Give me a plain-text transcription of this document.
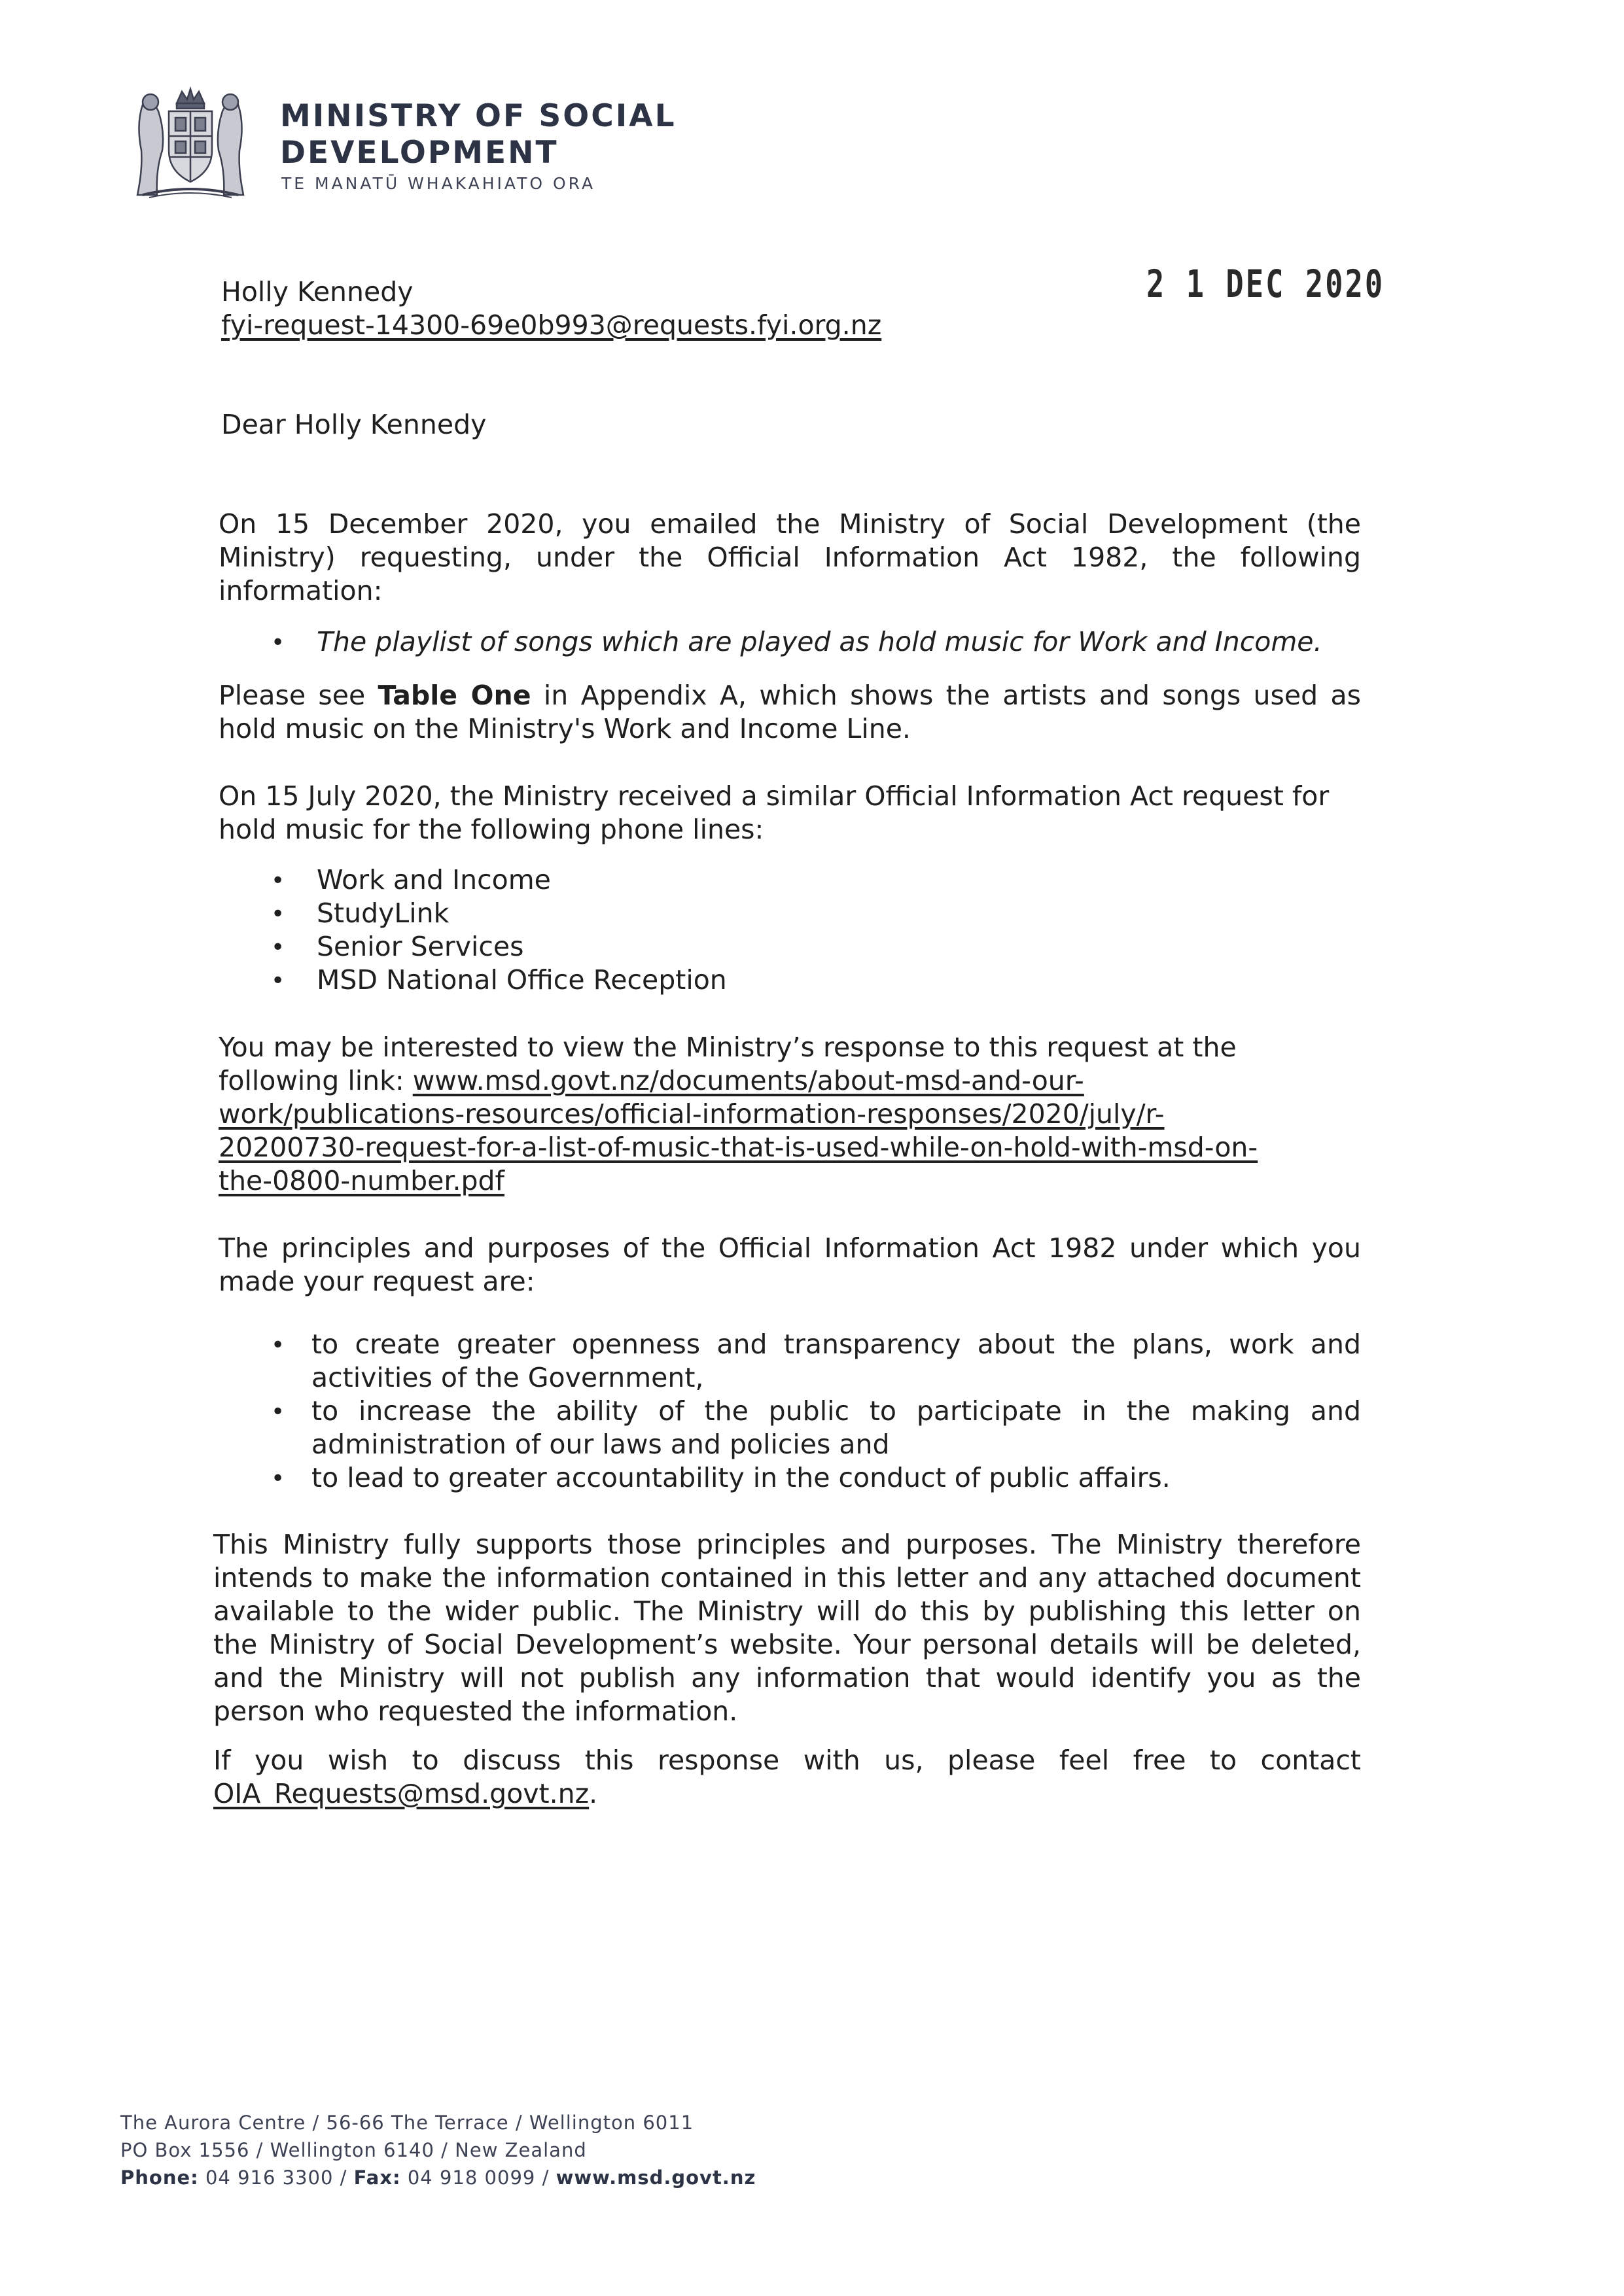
MINISTRY OF SOCIAL
DEVELOPMENT
TE MANATŪ WHAKAHIATO ORA
2 1 DEC 2020
Holly Kennedy
fyi-request-14300-69e0b993@requests.fyi.org.nz
Dear Holly Kennedy
On 15 December 2020, you emailed the Ministry of Social Development (the
Ministry) requesting, under the Official Information Act 1982, the following
information:
• The playlist of songs which are played as hold music for Work and Income.
Please see Table One in Appendix A, which shows the artists and songs used as
hold music on the Ministry's Work and Income Line.
On 15 July 2020, the Ministry received a similar Official Information Act request for
hold music for the following phone lines:
• Work and Income
• StudyLink
• Senior Services
• MSD National Office Reception
You may be interested to view the Ministry’s response to this request at the
following link: www.msd.govt.nz/documents/about-msd-and-our-
work/publications-resources/official-information-responses/2020/july/r-
20200730-request-for-a-list-of-music-that-is-used-while-on-hold-with-msd-on-
the-0800-number.pdf
The principles and purposes of the Official Information Act 1982 under which you
made your request are:
• to create greater openness and transparency about the plans, work and
activities of the Government,
• to increase the ability of the public to participate in the making and
administration of our laws and policies and
• to lead to greater accountability in the conduct of public affairs.
This Ministry fully supports those principles and purposes. The Ministry therefore
intends to make the information contained in this letter and any attached document
available to the wider public. The Ministry will do this by publishing this letter on
the Ministry of Social Development’s website. Your personal details will be deleted,
and the Ministry will not publish any information that would identify you as the
person who requested the information.
If you wish to discuss this response with us, please feel free to contact
OIA_Requests@msd.govt.nz.
The Aurora Centre / 56-66 The Terrace / Wellington 6011
PO Box 1556 / Wellington 6140 / New Zealand
Phone: 04 916 3300 / Fax: 04 918 0099 / www.msd.govt.nz
